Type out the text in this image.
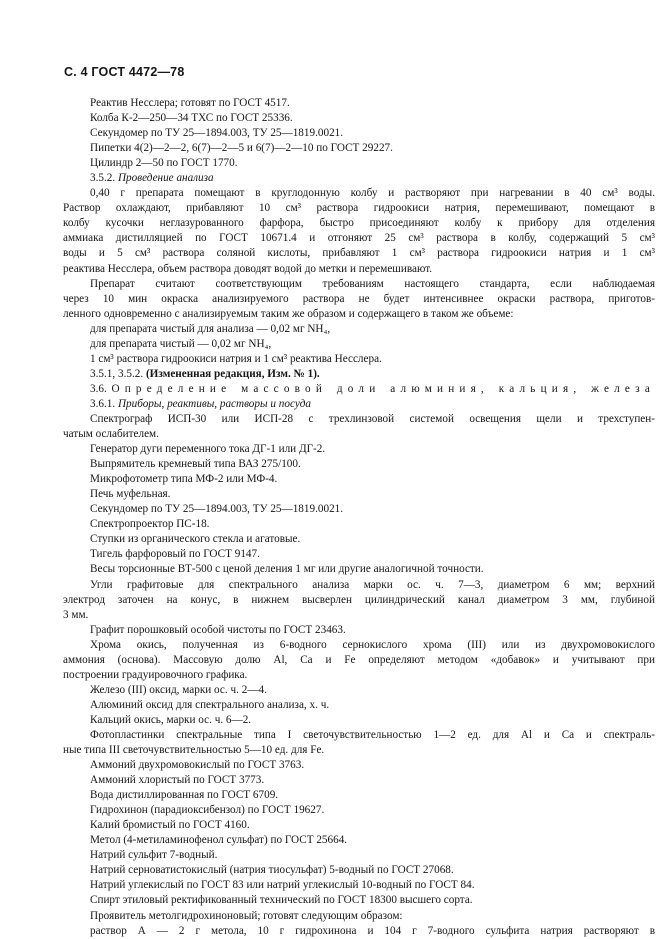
С. 4 ГОСТ 4472—78

Реактив Несслера; готовят по ГОСТ 4517.

Колба К-2—250—34 ТХС по ГОСТ 25336.

Секундомер по ТУ 25—1894.003, ТУ 25—1819.0021.

Пипетки 4(2)—2—2, 6(7)—2—5 и 6(7)—2—10 по ГОСТ 29227.

Цилиндр 2—50 по ГОСТ 1770.

3.5.2. Проведение анализа

0,40 г препарата помещают в круглодонную колбу и растворяют при нагревании в 40 см³ воды.

Раствор охлаждают, прибавляют 10 см³ раствора гидроокиси натрия, перемешивают, помещают в

колбу кусочки неглазурованного фарфора, быстро присоединяют колбу к прибору для отделения

аммиака дистилляцией по ГОСТ 10671.4 и отгоняют 25 см³ раствора в колбу, содержащий 5 см³

воды и 5 см³ раствора соляной кислоты, прибавляют 1 см³ раствора гидроокиси натрия и 1 см³

реактива Несслера, объем раствора доводят водой до метки и перемешивают.

Препарат считают соответствующим требованиям настоящего стандарта, если наблюдаемая

через 10 мин окраска анализируемого раствора не будет интенсивнее окраски раствора, приготов-

ленного одновременно с анализируемым таким же образом и содержащего в таком же объеме:

для препарата чистый для анализа — 0,02 мг NH₄,

для препарата чистый — 0,02 мг NH₄,

1 см³ раствора гидроокиси натрия и 1 см³ реактива Несслера.

3.5.1, 3.5.2. (Измененная редакция, Изм. № 1).

3.6. Определение массовой доли алюминия, кальция, железа

3.6.1. Приборы, реактивы, растворы и посуда

Спектрограф ИСП-30 или ИСП-28 с трехлинзовой системой освещения щели и трехступен-

чатым ослабителем.

Генератор дуги переменного тока ДГ-1 или ДГ-2.

Выпрямитель кремневый типа ВАЗ 275/100.

Микрофотометр типа МФ-2 или МФ-4.

Печь муфельная.

Секундомер по ТУ 25—1894.003, ТУ 25—1819.0021.

Спектропроектор ПС-18.

Ступки из органического стекла и агатовые.

Тигель фарфоровый по ГОСТ 9147.

Весы торсионные ВТ-500 с ценой деления 1 мг или другие аналогичной точности.

Угли графитовые для спектрального анализа марки ос. ч. 7—3, диаметром 6 мм; верхний

электрод заточен на конус, в нижнем высверлен цилиндрический канал диаметром 3 мм, глубиной

3 мм.

Графит порошковый особой чистоты по ГОСТ 23463.

Хрома окись, полученная из 6-водного сернокислого хрома (III) или из двухромовокислого

аммония (основа). Массовую долю Al, Са и Fe определяют методом «добавок» и учитывают при

построении градуировочного графика.

Железо (III) оксид, марки ос. ч. 2—4.

Алюминий оксид для спектрального анализа, х. ч.

Кальций окись, марки ос. ч. 6—2.

Фотопластинки спектральные типа I светочувствительностью 1—2 ед. для Al и Са и спектраль-

ные типа III светочувствительностью 5—10 ед. для Fe.

Аммоний двухромовокислый по ГОСТ 3763.

Аммоний хлористый по ГОСТ 3773.

Вода дистиллированная по ГОСТ 6709.

Гидрохинон (парадиоксибензол) по ГОСТ 19627.

Калий бромистый по ГОСТ 4160.

Метол (4-метиламинофенол сульфат) по ГОСТ 25664.

Натрий сульфит 7-водный.

Натрий серноватистокислый (натрия тиосульфат) 5-водный по ГОСТ 27068.

Натрий углекислый по ГОСТ 83 или натрий углекислый 10-водный по ГОСТ 84.

Спирт этиловый ректификованный технический по ГОСТ 18300 высшего сорта.

Проявитель метолгидрохиноновый; готовят следующим образом:

раствор А — 2 г метола, 10 г гидрохинона и 104 г 7-водного сульфита натрия растворяют в
